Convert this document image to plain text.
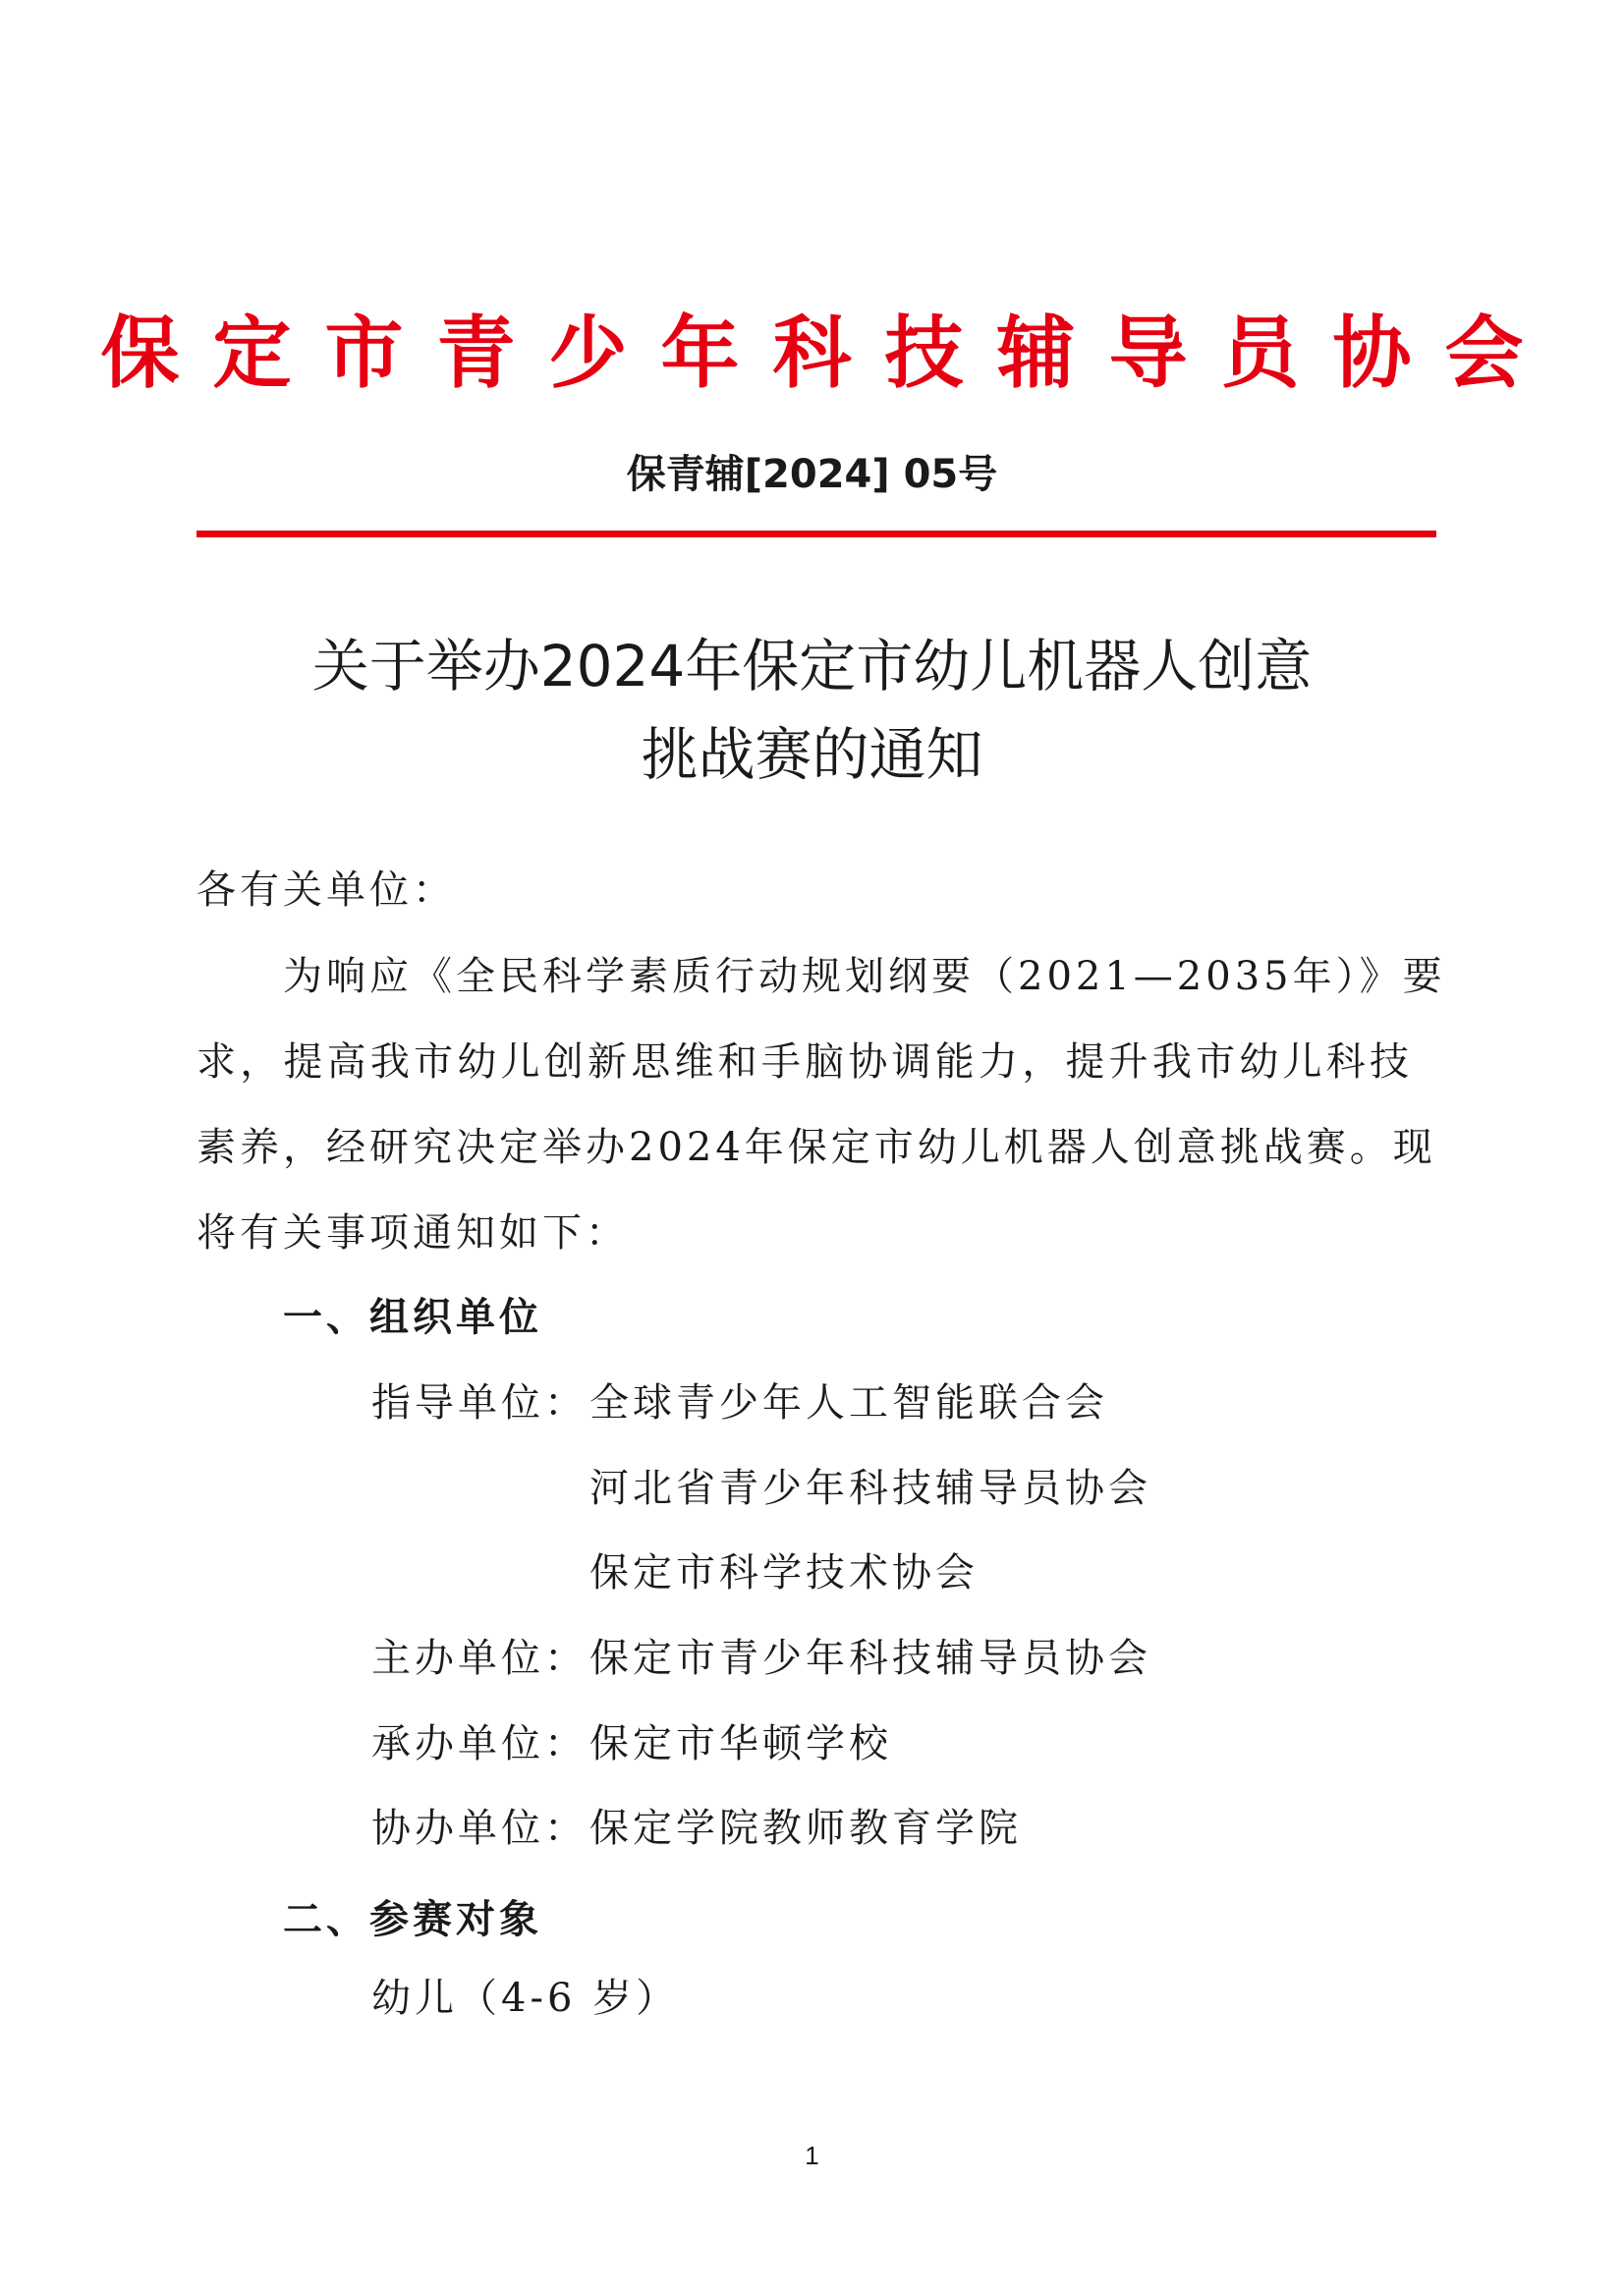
保定市青少年科技辅导员协会
保青辅[2024] 05号
关于举办2024年保定市幼儿机器人创意
挑战赛的通知
各有关单位：
为响应《全民科学素质行动规划纲要（2021—2035年）》要
求，提高我市幼儿创新思维和手脑协调能力，提升我市幼儿科技
素养，经研究决定举办2024年保定市幼儿机器人创意挑战赛。现
将有关事项通知如下：
一、组织单位
指导单位： 全球青少年人工智能联合会
河北省青少年科技辅导员协会
保定市科学技术协会
主办单位： 保定市青少年科技辅导员协会
承办单位： 保定市华顿学校
协办单位： 保定学院教师教育学院
二、参赛对象
幼儿（4-6 岁）
1
